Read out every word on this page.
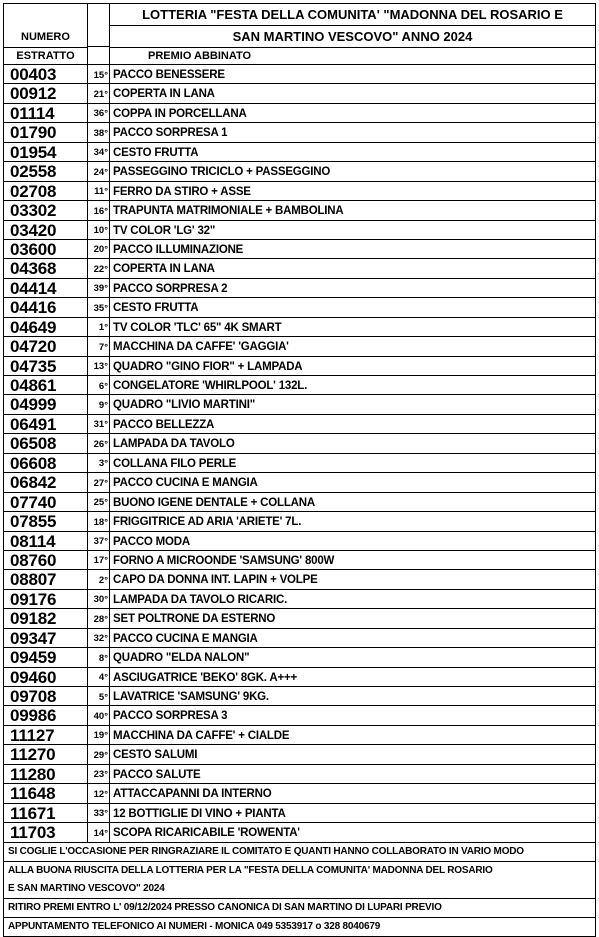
NUMERO
ESTRATTO
LOTTERIA "FESTA DELLA COMUNITA' "MADONNA DEL ROSARIO E
SAN MARTINO VESCOVO" ANNO 2024
PREMIO ABBINATO
00403	15° PACCO BENESSERE
00912	21° COPERTA IN LANA
01114	36° COPPA IN PORCELLANA
01790	38° PACCO SORPRESA 1
01954	34° CESTO FRUTTA
02558	24° PASSEGGINO TRICICLO + PASSEGGINO
02708	11° FERRO DA STIRO + ASSE
03302	16° TRAPUNTA MATRIMONIALE + BAMBOLINA
03420	10° TV COLOR 'LG' 32"
03600	20° PACCO ILLUMINAZIONE
04368	22° COPERTA IN LANA
04414	39° PACCO SORPRESA 2
04416	35° CESTO FRUTTA
04649	1° TV COLOR 'TLC' 65" 4K SMART
04720	7° MACCHINA DA CAFFE' 'GAGGIA'
04735	13° QUADRO "GINO FIOR" + LAMPADA
04861	6° CONGELATORE 'WHIRLPOOL' 132L.
04999	9° QUADRO "LIVIO MARTINI"
06491	31° PACCO BELLEZZA
06508	26° LAMPADA DA TAVOLO
06608	3° COLLANA FILO PERLE
06842	27° PACCO CUCINA E MANGIA
07740	25° BUONO IGENE DENTALE + COLLANA
07855	18° FRIGGITRICE AD ARIA 'ARIETE' 7L.
08114	37° PACCO MODA
08760	17° FORNO A MICROONDE 'SAMSUNG' 800W
08807	2° CAPO DA DONNA INT. LAPIN + VOLPE
09176	30° LAMPADA DA TAVOLO RICARIC.
09182	28° SET POLTRONE DA ESTERNO
09347	32° PACCO CUCINA E MANGIA
09459	8° QUADRO "ELDA NALON"
09460	4° ASCIUGATRICE 'BEKO' 8GK. A+++
09708	5° LAVATRICE 'SAMSUNG' 9KG.
09986	40° PACCO SORPRESA 3
11127	19° MACCHINA DA CAFFE' + CIALDE
11270	29° CESTO SALUMI
11280	23° PACCO SALUTE
11648	12° ATTACCAPANNI DA INTERNO
11671	33° 12 BOTTIGLIE DI VINO + PIANTA
11703	14° SCOPA RICARICABILE 'ROWENTA'
SI COGLIE L'OCCASIONE PER RINGRAZIARE IL COMITATO E QUANTI HANNO COLLABORATO IN VARIO MODO
ALLA BUONA RIUSCITA DELLA LOTTERIA PER LA "FESTA DELLA COMUNITA' MADONNA DEL ROSARIO
E SAN MARTINO VESCOVO" 2024
RITIRO PREMI ENTRO L' 09/12/2024 PRESSO CANONICA DI SAN MARTINO DI LUPARI PREVIO
APPUNTAMENTO TELEFONICO AI NUMERI - MONICA 049 5353917 o 328 8040679
